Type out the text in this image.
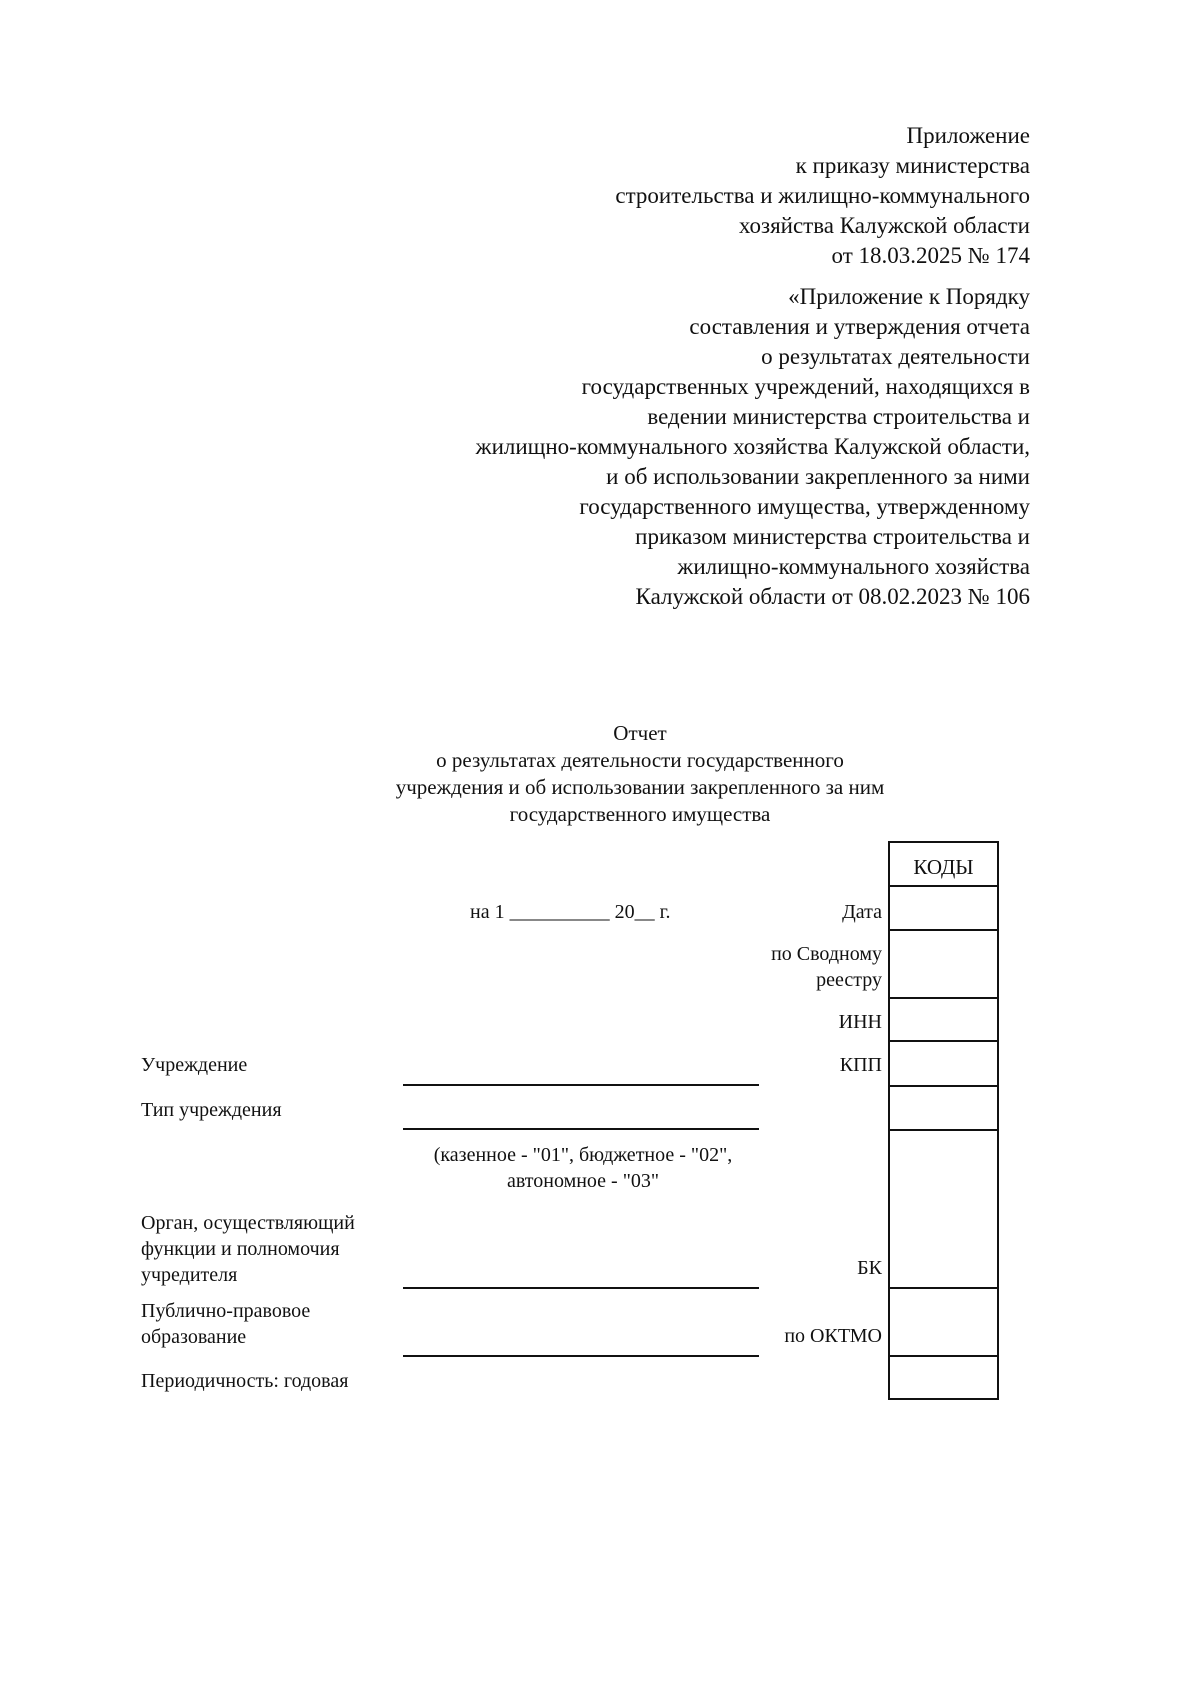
Приложение
к приказу министерства
строительства и жилищно-коммунального
хозяйства Калужской области
от 18.03.2025 № 174
«Приложение к Порядку
составления и утверждения отчета
о результатах деятельности
государственных учреждений, находящихся в
ведении министерства строительства и
жилищно-коммунального хозяйства Калужской области,
и об использовании закрепленного за ними
государственного имущества, утвержденному
приказом министерства строительства и
жилищно-коммунального хозяйства
Калужской области от 08.02.2023 № 106
Отчет
о результатах деятельности государственного
учреждения и об использовании закрепленного за ним
государственного имущества
на 1 __________ 20__ г.
КОДЫ
Дата
по Сводному
реестру
ИНН
КПП
БК
по ОКТМО
Учреждение
Тип учреждения
Орган, осуществляющий
функции и полномочия
учредителя
Публично-правовое
образование
Периодичность: годовая
(казенное - "01", бюджетное - "02",
автономное - "03"
